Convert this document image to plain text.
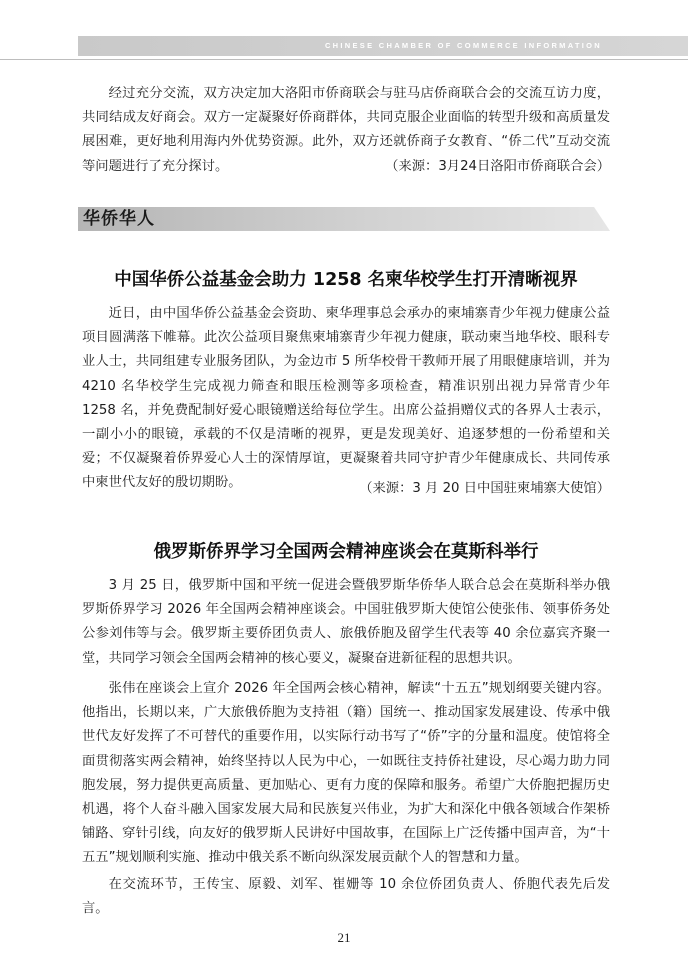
CHINESE CHAMBER OF COMMERCE INFORMATION

经过充分交流，双方决定加大洛阳市侨商联会与驻马店侨商联合会的交流互访力度，共同结成友好商会。双方一定凝聚好侨商群体，共同克服企业面临的转型升级和高质量发展困难，更好地利用海内外优势资源。此外，双方还就侨商子女教育、“侨二代”互动交流等问题进行了充分探讨。	（来源：3月24日洛阳市侨商联合会）

华侨华人
中国华侨公益基金会助力 1258 名柬华校学生打开清晰视界

近日，由中国华侨公益基金会资助、柬华理事总会承办的柬埔寨青少年视力健康公益项目圆满落下帷幕。此次公益项目聚焦柬埔寨青少年视力健康，联动柬当地华校、眼科专业人士，共同组建专业服务团队，为金边市 5 所华校骨干教师开展了用眼健康培训，并为 4210 名华校学生完成视力筛查和眼压检测等多项检查，精准识别出视力异常青少年 1258 名，并免费配制好爱心眼镜赠送给每位学生。出席公益捐赠仪式的各界人士表示，一副小小的眼镜，承载的不仅是清晰的视界，更是发现美好、追逐梦想的一份希望和关爱；不仅凝聚着侨界爱心人士的深情厚谊，更凝聚着共同守护青少年健康成长、共同传承中柬世代友好的殷切期盼。	（来源：3 月 20 日中国驻柬埔寨大使馆）

俄罗斯侨界学习全国两会精神座谈会在莫斯科举行

3 月 25 日，俄罗斯中国和平统一促进会暨俄罗斯华侨华人联合总会在莫斯科举办俄罗斯侨界学习 2026 年全国两会精神座谈会。中国驻俄罗斯大使馆公使张伟、领事侨务处公参刘伟等与会。俄罗斯主要侨团负责人、旅俄侨胞及留学生代表等 40 余位嘉宾齐聚一堂，共同学习领会全国两会精神的核心要义，凝聚奋进新征程的思想共识。

张伟在座谈会上宣介 2026 年全国两会核心精神，解读“十五五”规划纲要关键内容。他指出，长期以来，广大旅俄侨胞为支持祖（籍）国统一、推动国家发展建设、传承中俄世代友好发挥了不可替代的重要作用，以实际行动书写了“侨”字的分量和温度。使馆将全面贯彻落实两会精神，始终坚持以人民为中心，一如既往支持侨社建设，尽心竭力助力同胞发展，努力提供更高质量、更加贴心、更有力度的保障和服务。希望广大侨胞把握历史机遇，将个人奋斗融入国家发展大局和民族复兴伟业，为扩大和深化中俄各领域合作架桥铺路、穿针引线，向友好的俄罗斯人民讲好中国故事，在国际上广泛传播中国声音，为“十五五”规划顺利实施、推动中俄关系不断向纵深发展贡献个人的智慧和力量。

在交流环节，王传宝、原毅、刘军、崔姗等 10 余位侨团负责人、侨胞代表先后发言。

21
